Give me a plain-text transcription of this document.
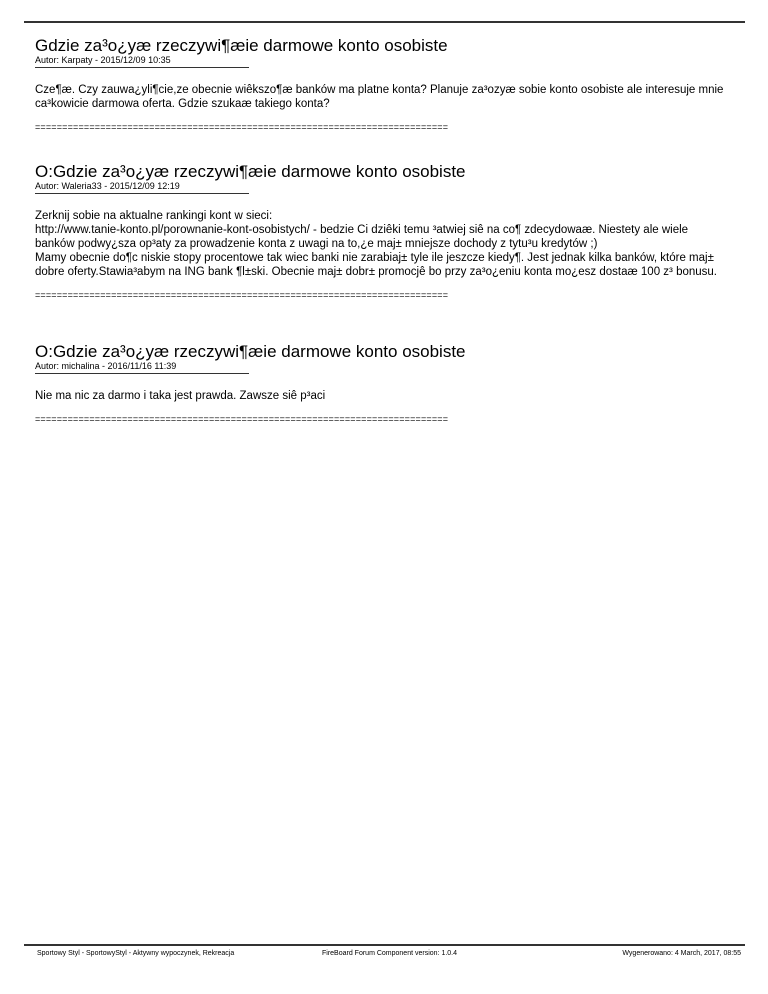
Gdzie za³o¿yæ rzeczywi¶æie darmowe konto osobiste
Autor: Karpaty - 2015/12/09 10:35
Cze¶æ. Czy zauwa¿yli¶cie,ze obecnie wiêkszo¶æ banków ma platne konta? Planuje za³ozyæ sobie konto osobiste ale interesuje mnie ca³kowicie darmowa oferta. Gdzie szukaæ takiego konta?
============================================================================
O:Gdzie za³o¿yæ rzeczywi¶æie darmowe konto osobiste
Autor: Waleria33 - 2015/12/09 12:19
Zerknij sobie na aktualne rankingi kont w sieci:
http://www.tanie-konto.pl/porownanie-kont-osobistych/ - bedzie Ci dziêki temu ³atwiej siê na co¶ zdecydowaæ. Niestety ale wiele banków podwy¿sza op³aty za prowadzenie konta z uwagi na to,¿e maj± mniejsze dochody z tytu³u kredytów ;)
Mamy obecnie do¶c niskie stopy procentowe tak wiec banki nie zarabiaj± tyle ile jeszcze kiedy¶. Jest jednak kilka banków, które maj± dobre oferty.Stawia³abym na ING bank ¶l±ski. Obecnie maj± dobr± promocjê bo przy za³o¿eniu konta mo¿esz dostaæ 100 z³ bonusu.
============================================================================
O:Gdzie za³o¿yæ rzeczywi¶æie darmowe konto osobiste
Autor: michalina - 2016/11/16 11:39
Nie ma nic za darmo i taka jest prawda. Zawsze siê p³aci
============================================================================
Sportowy Styl - SportowyStyl - Aktywny wypoczynek, Rekreacja	FireBoard Forum Component version: 1.0.4	Wygenerowano: 4 March, 2017, 08:55
